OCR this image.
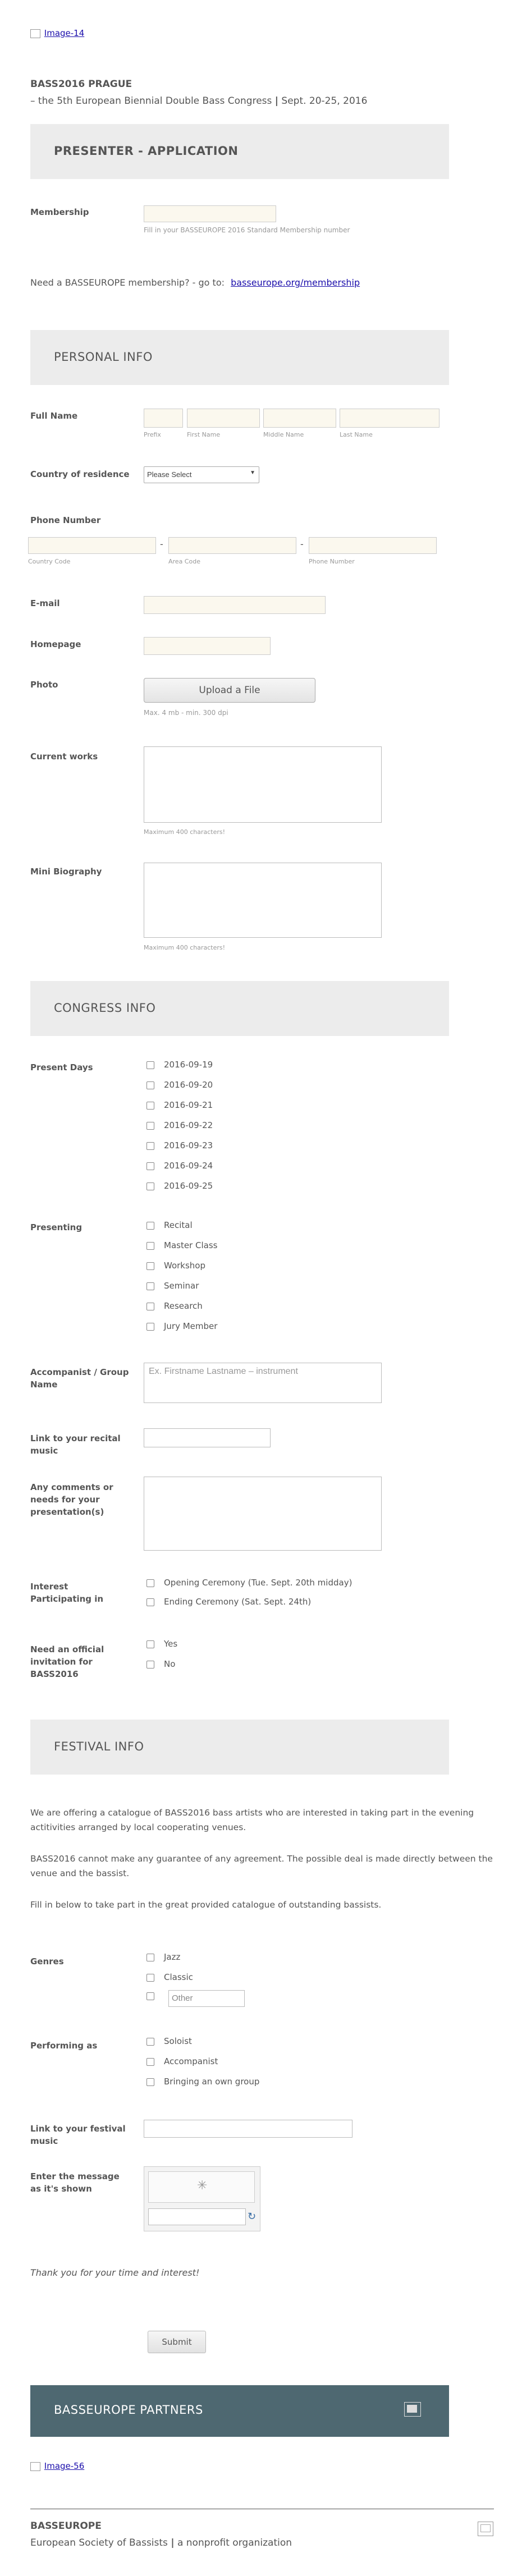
Image-14
BASS2016 PRAGUE
– the 5th European Biennial Double Bass Congress | Sept. 20-25, 2016
PRESENTER - APPLICATION
Membership
Fill in your BASSEUROPE 2016 Standard Membership number
Need a BASSEUROPE membership? - go to: basseurope.org/membership
PERSONAL INFO
Full Name
Prefix	First Name	Middle Name	Last Name
Country of residence	Please Select	▼
Phone Number
-	-
Country Code	Area Code	Phone Number
E-mail
Homepage
Photo	Upload a File
Max. 4 mb - min. 300 dpi
Current works
Maximum 400 characters!
Mini Biography
Maximum 400 characters!
CONGRESS INFO
Present Days	2016-09-19
2016-09-20
2016-09-21
2016-09-22
2016-09-23
2016-09-24
2016-09-25
Presenting	Recital
Master Class
Workshop
Seminar
Research
Jury Member
Accompanist / Group Name
Ex. Firstname Lastname – instrument
Link to your recital music
Any comments or needs for your presentation(s)
Interest Participating in
Opening Ceremony (Tue. Sept. 20th midday)
Ending Ceremony (Sat. Sept. 24th)
Need an official invitation for BASS2016
Yes
No
FESTIVAL INFO
We are offering a catalogue of BASS2016 bass artists who are interested in taking part in the evening actitivities arranged by local cooperating venues.
BASS2016 cannot make any guarantee of any agreement. The possible deal is made directly between the venue and the bassist.
Fill in below to take part in the great provided catalogue of outstanding bassists.
Genres	Jazz
Classic
Other
Performing as	Soloist
Accompanist
Bringing an own group
Link to your festival music
Enter the message as it's shown	✳
↻
Thank you for your time and interest!
Submit
BASSEUROPE PARTNERS
Image-56
BASSEUROPE
European Society of Bassists | a nonprofit organization
